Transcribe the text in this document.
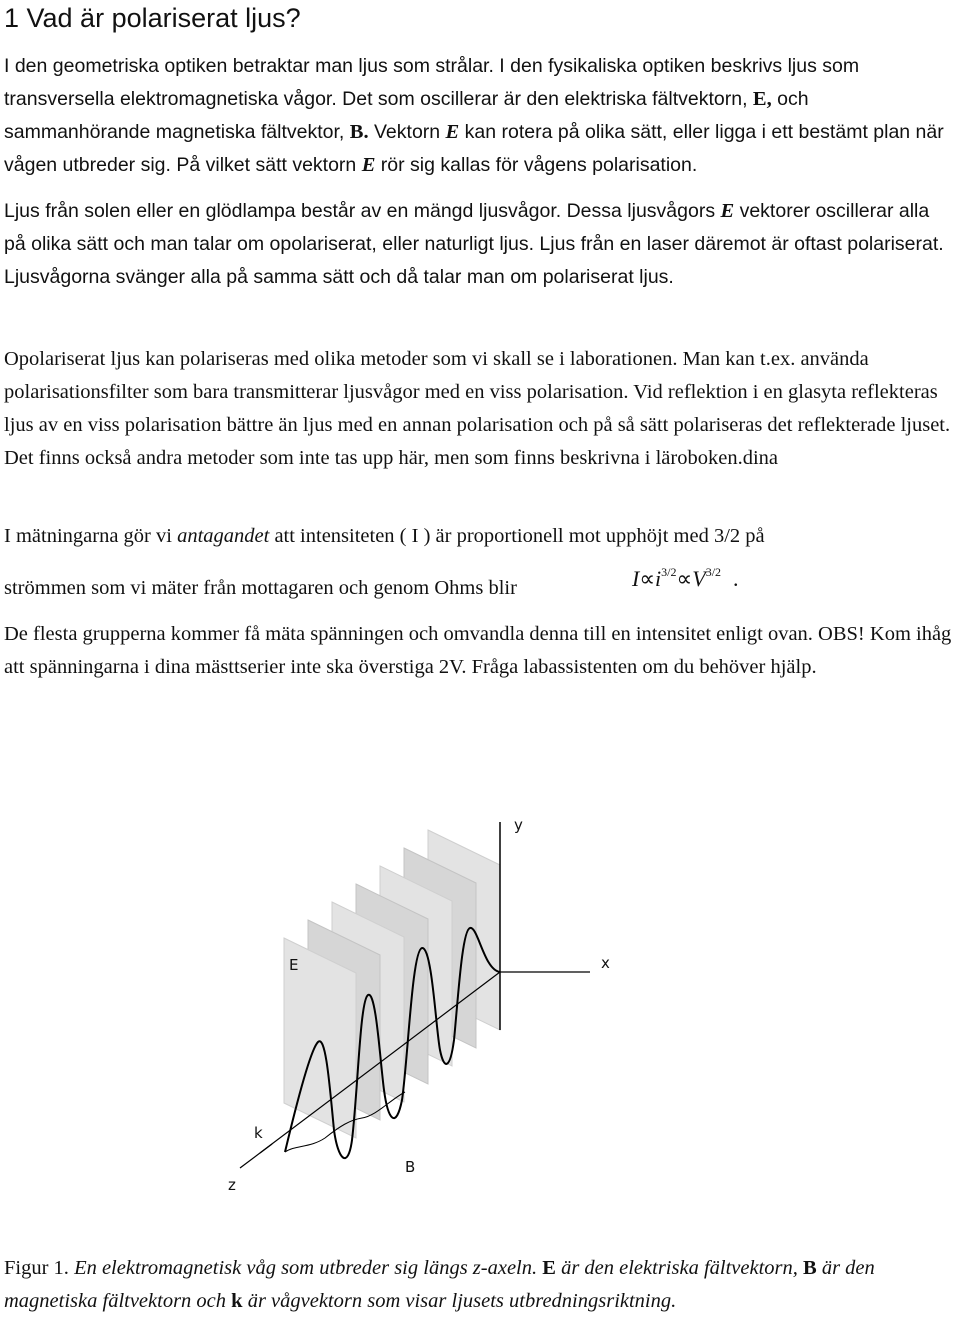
1 Vad är polariserat ljus?

I den geometriska optiken betraktar man ljus som strålar. I den fysikaliska optiken beskrivs ljus som transversella elektromagnetiska vågor. Det som oscillerar är den elektriska fältvektorn, E, och sammanhörande magnetiska fältvektor, B. Vektorn E kan rotera på olika sätt, eller ligga i ett bestämt plan när vågen utbreder sig. På vilket sätt vektorn E rör sig kallas för vågens polarisation.

Ljus från solen eller en glödlampa består av en mängd ljusvågor. Dessa ljusvågors E vektorer oscillerar alla på olika sätt och man talar om opolariserat, eller naturligt ljus. Ljus från en laser däremot är oftast polariserat. Ljusvågorna svänger alla på samma sätt och då talar man om polariserat ljus.

Opolariserat ljus kan polariseras med olika metoder som vi skall se i laborationen. Man kan t.ex. använda polarisationsfilter som bara transmitterar ljusvågor med en viss polarisation. Vid reflektion i en glasyta reflekteras ljus av en viss polarisation bättre än ljus med en annan polarisation och på så sätt polariseras det reflekterade ljuset. Det finns också andra metoder som inte tas upp här, men som finns beskrivna i läroboken.dina

I mätningarna gör vi antagandet att intensiteten ( I ) är proportionell mot upphöjt med 3/2 på

strömmen som vi mäter från mottagaren och genom Ohms blir	$I\propto i^{3/2}\propto V^{3/2}$ .

De flesta grupperna kommer få mäta spänningen och omvandla denna till en intensitet enligt ovan. OBS! Kom ihåg att spänningarna i dina mästtserier inte ska överstiga 2V. Fråga labassistenten om du behöver hjälp.

y
E	x
k
z
B

Figur 1. En elektromagnetisk våg som utbreder sig längs z-axeln. E är den elektriska fältvektorn, B är den magnetiska fältvektorn och k är vågvektorn som visar ljusets utbredningsriktning.
